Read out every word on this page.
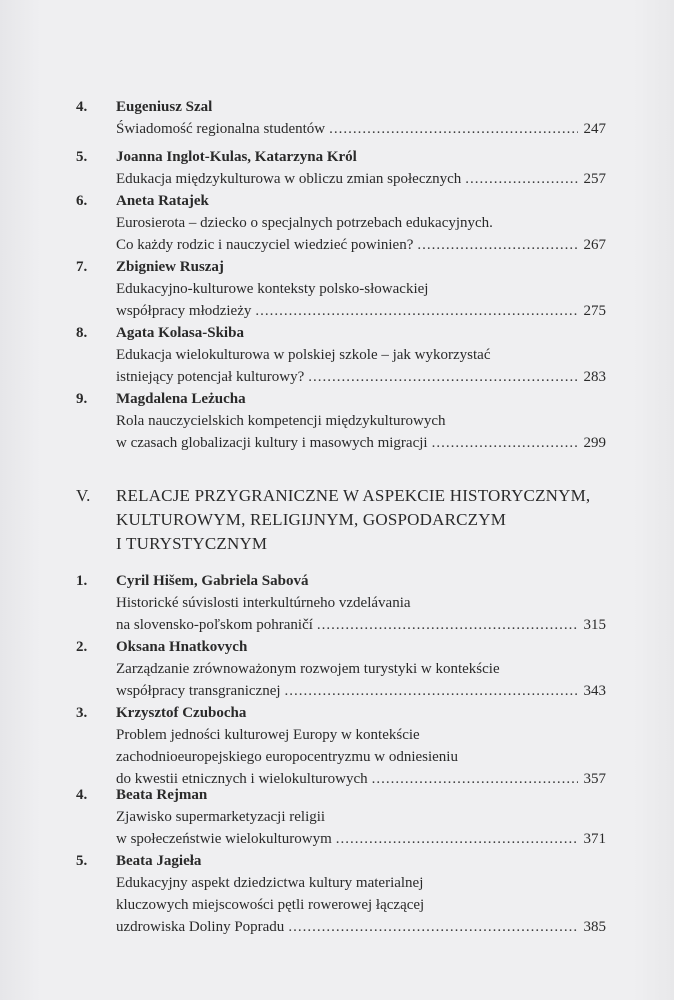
4. Eugeniusz Szal
Świadomość regionalna studentów .....	247
5. Joanna Inglot-Kulas, Katarzyna Król
Edukacja międzykulturowa w obliczu zmian społecznych .....	257
6. Aneta Ratajek
Eurosierota – dziecko o specjalnych potrzebach edukacyjnych.
Co każdy rodzic i nauczyciel wiedzieć powinien? .....	267
7. Zbigniew Ruszaj
Edukacyjno-kulturowe konteksty polsko-słowackiej
współpracy młodzieży .....	275
8. Agata Kolasa-Skiba
Edukacja wielokulturowa w polskiej szkole – jak wykorzystać
istniejący potencjał kulturowy? .....	283
9. Magdalena Leżucha
Rola nauczycielskich kompetencji międzykulturowych
w czasach globalizacji kultury i masowych migracji .....	299
V. RELACJE PRZYGRANICZNE W ASPEKCIE HISTORYCZNYM,
KULTUROWYM, RELIGIJNYM, GOSPODARCZYM
I TURYSTYCZNYM
1. Cyril Hišem, Gabriela Sabová
Historické súvislosti interkultúrneho vzdelávania
na slovensko-poľskom pohraničí .....	315
2. Oksana Hnatkovych
Zarządzanie zrównoważonym rozwojem turystyki w kontekście
współpracy transgranicznej .....	343
3. Krzysztof Czubocha
Problem jedności kulturowej Europy w kontekście
zachodnioeuropejskiego europocentryzmu w odniesieniu
do kwestii etnicznych i wielokulturowych .....	357
4. Beata Rejman
Zjawisko supermarketyzacji religii
w społeczeństwie wielokulturowym .....	371
5. Beata Jagieła
Edukacyjny aspekt dziedzictwa kultury materialnej
kluczowych miejscowości pętli rowerowej łączącej
uzdrowiska Doliny Popradu .....	385
